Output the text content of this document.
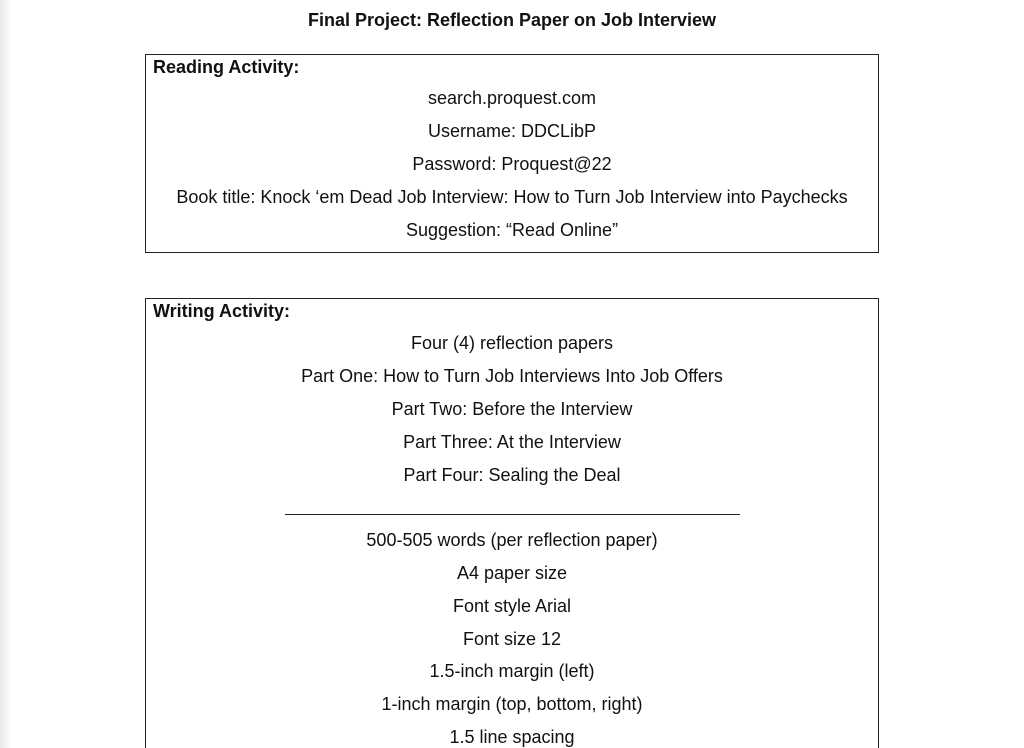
Final Project: Reflection Paper on Job Interview
Reading Activity:
search.proquest.com
Username: DDCLibP
Password: Proquest@22
Book title: Knock ‘em Dead Job Interview: How to Turn Job Interview into Paychecks
Suggestion: “Read Online”
Writing Activity:
Four (4) reflection papers
Part One: How to Turn Job Interviews Into Job Offers
Part Two: Before the Interview
Part Three: At the Interview
Part Four: Sealing the Deal
500-505 words (per reflection paper)
A4 paper size
Font style Arial
Font size 12
1.5-inch margin (left)
1-inch margin (top, bottom, right)
1.5 line spacing
